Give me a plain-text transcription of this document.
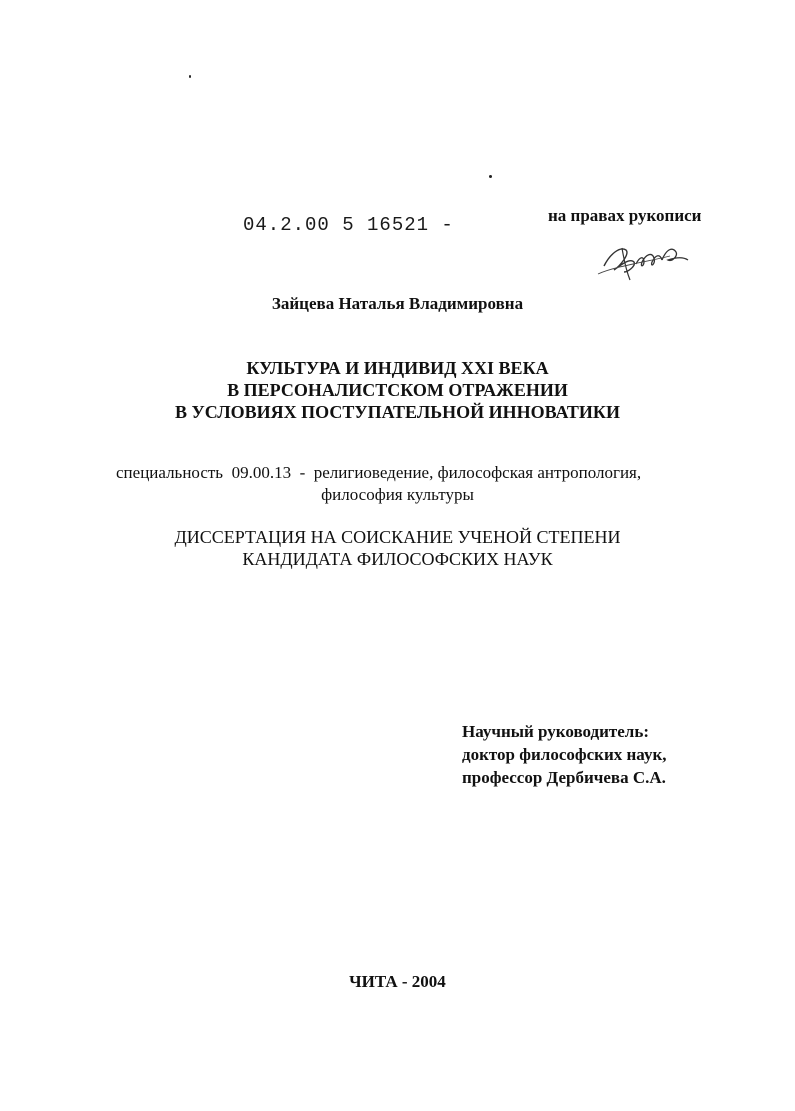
04.2.00 5 16521 -	на правах рукописи
Зайцева Наталья Владимировна
КУЛЬТУРА И ИНДИВИД XXI ВЕКА
В ПЕРСОНАЛИСТСКОМ ОТРАЖЕНИИ
В УСЛОВИЯХ ПОСТУПАТЕЛЬНОЙ ИННОВАТИКИ
специальность  09.00.13  -  религиоведение, философская антропология,
философия культуры
ДИССЕРТАЦИЯ НА СОИСКАНИЕ УЧЕНОЙ СТЕПЕНИ
КАНДИДАТА ФИЛОСОФСКИХ НАУК
Научный руководитель:
доктор философских наук,
профессор Дербичева С.А.
ЧИТА - 2004
